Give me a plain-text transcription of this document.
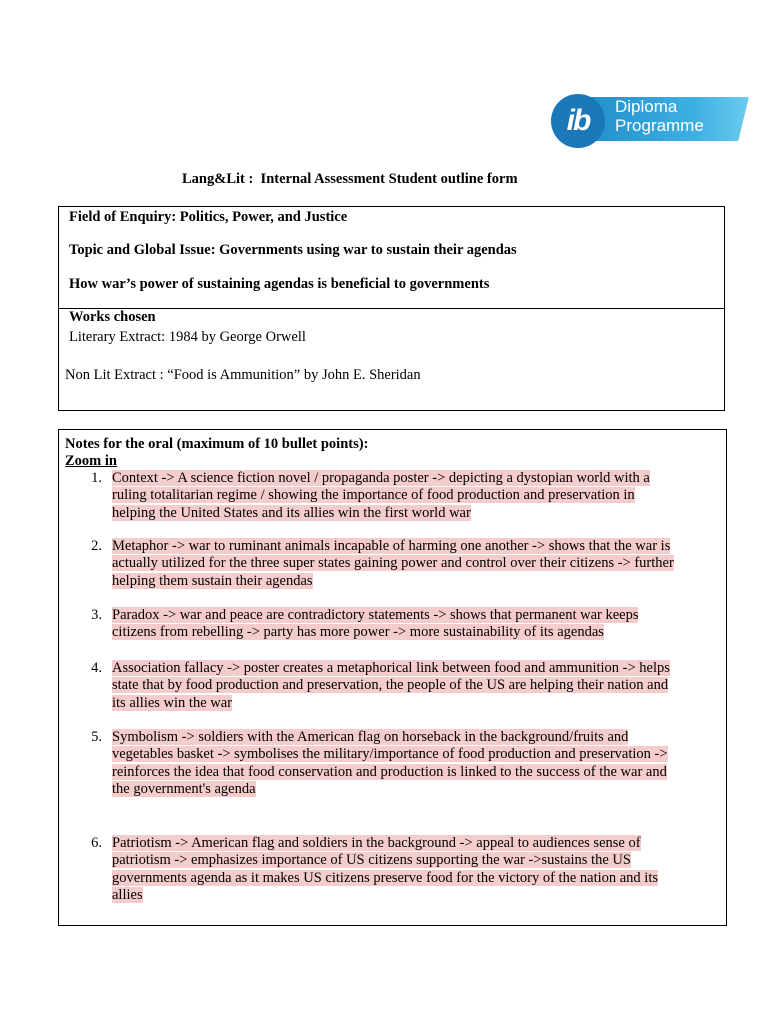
ib Diploma
Programme
Lang&Lit :  Internal Assessment Student outline form
Field of Enquiry: Politics, Power, and Justice
Topic and Global Issue: Governments using war to sustain their agendas
How war’s power of sustaining agendas is beneficial to governments
Works chosen
Literary Extract: 1984 by George Orwell
Non Lit Extract : “Food is Ammunition” by John E. Sheridan
Notes for the oral (maximum of 10 bullet points):
Zoom in
1. Context -> A science fiction novel / propaganda poster -> depicting a dystopian world with a
ruling totalitarian regime / showing the importance of food production and preservation in
helping the United States and its allies win the first world war
2. Metaphor -> war to ruminant animals incapable of harming one another -> shows that the war is
actually utilized for the three super states gaining power and control over their citizens -> further
helping them sustain their agendas
3. Paradox -> war and peace are contradictory statements -> shows that permanent war keeps
citizens from rebelling -> party has more power -> more sustainability of its agendas
4. Association fallacy -> poster creates a metaphorical link between food and ammunition -> helps
state that by food production and preservation, the people of the US are helping their nation and
its allies win the war
5. Symbolism -> soldiers with the American flag on horseback in the background/fruits and
vegetables basket -> symbolises the military/importance of food production and preservation ->
reinforces the idea that food conservation and production is linked to the success of the war and
the government's agenda
6. Patriotism -> American flag and soldiers in the background -> appeal to audiences sense of
patriotism -> emphasizes importance of US citizens supporting the war ->sustains the US
governments agenda as it makes US citizens preserve food for the victory of the nation and its
allies
